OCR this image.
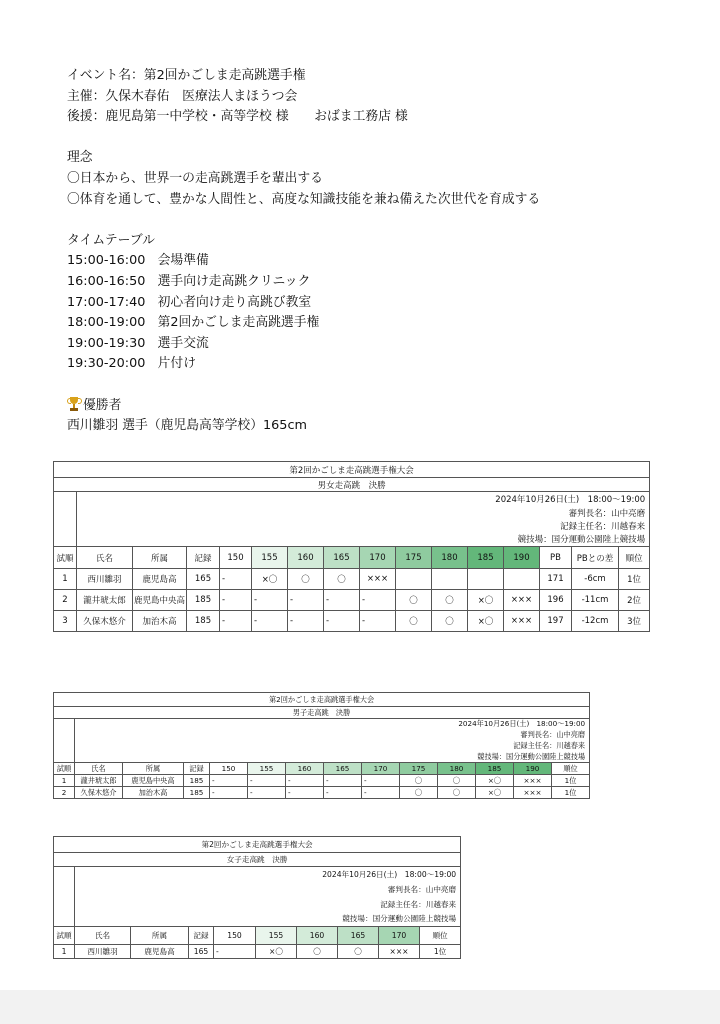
イベント名：第2回かごしま走高跳選手権
主催：久保木春佑　医療法人まほうつ会
後援：鹿児島第一中学校・高等学校 様　　おばま工務店 様
理念
〇日本から、世界一の走高跳選手を輩出する
〇体育を通して、豊かな人間性と、高度な知識技能を兼ね備えた次世代を育成する
タイムテーブル
15:00-16:00 会場準備
16:00-16:50 選手向け走高跳クリニック
17:00-17:40 初心者向け走り高跳び教室
18:00-19:00 第2回かごしま走高跳選手権
19:00-19:30 選手交流
19:30-20:00 片付け
優勝者
西川雛羽 選手（鹿児島高等学校）165cm
第2回かごしま走高跳選手権大会															
男女走高跳　決勝															
	2024年10月26日(土)　18:00〜19:00														
	審判長名：山中亮磨														
	記録主任名：川越春来														
	競技場：国分運動公園陸上競技場														
試順	氏名	所属	記録	150	155	160	165	170	175	180	185	190	PB	PBとの差	順位
1	西川雛羽	鹿児島高	165	-	×〇	〇	〇	×××					171	-6cm	1位
2	瀧井琥太郎	鹿児島中央高	185	-	-	-	-	-	〇	〇	×〇	×××	196	-11cm	2位
3	久保木悠介	加治木高	185	-	-	-	-	-	〇	〇	×〇	×××	197	-12cm	3位
第2回かごしま走高跳選手権大会													
男子走高跳　決勝													
	2024年10月26日(土)　18:00〜19:00												
	審判長名：山中亮磨												
	記録主任名：川越春来												
	競技場：国分運動公園陸上競技場												
試順	氏名	所属	記録	150	155	160	165	170	175	180	185	190	順位
1	瀧井琥太郎	鹿児島中央高	185	-	-	-	-	-	〇	〇	×〇	×××	1位
2	久保木悠介	加治木高	185	-	-	-	-	-	〇	〇	×〇	×××	1位
第2回かごしま走高跳選手権大会									
女子走高跳　決勝									
	2024年10月26日(土)　18:00〜19:00								
	審判長名：山中亮磨								
	記録主任名：川越春来								
	競技場：国分運動公園陸上競技場								
試順	氏名	所属	記録	150	155	160	165	170	順位
1	西川雛羽	鹿児島高	165	-	×〇	〇	〇	×××	1位
